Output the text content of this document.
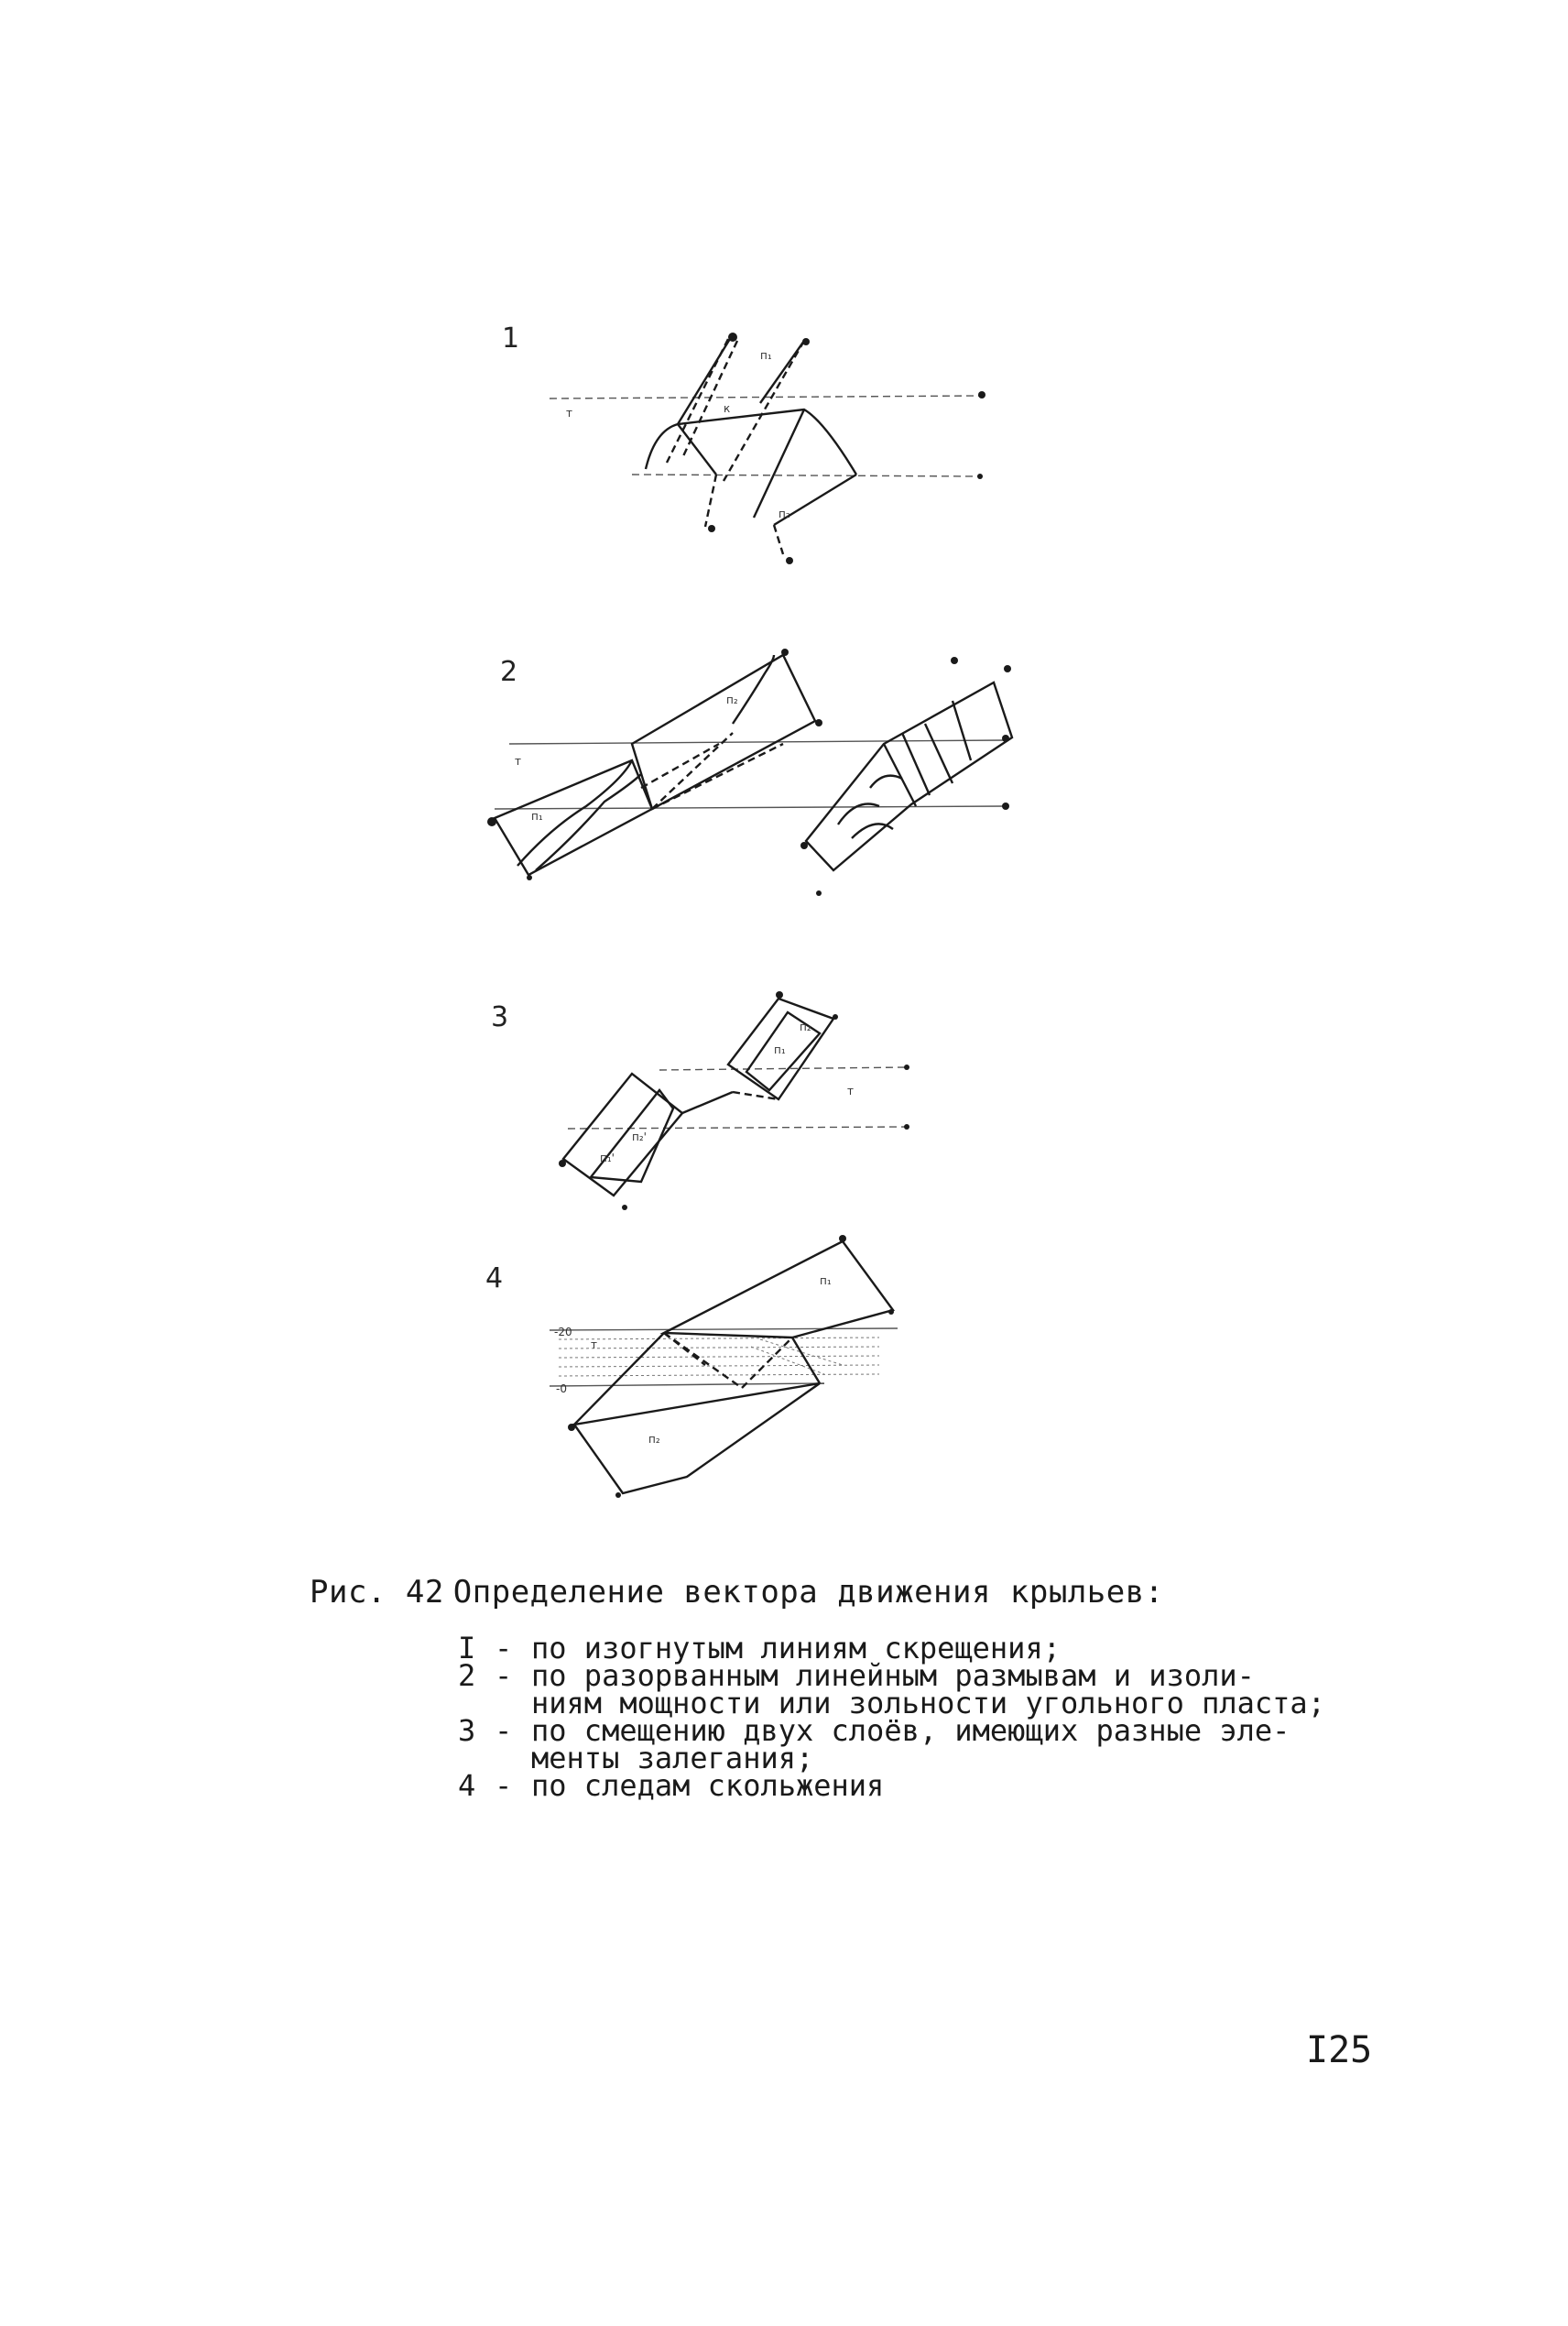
1
2
3
4
т
п₁
п₂
к
т
п₁
п₂
т
п₂'
п₁'
п₁
п₂
т
-20
-0
п₁
п₂
Рис. 42 Определение вектора движения крыльев:
I - по изогнутым линиям скрещения;
2 - по разорванным линейным размывам и изоли-
ниям мощности или зольности угольного пласта;
3 - по смещению двух слоёв, имеющих разные эле-
менты залегания;
4 - по следам скольжения
I25
